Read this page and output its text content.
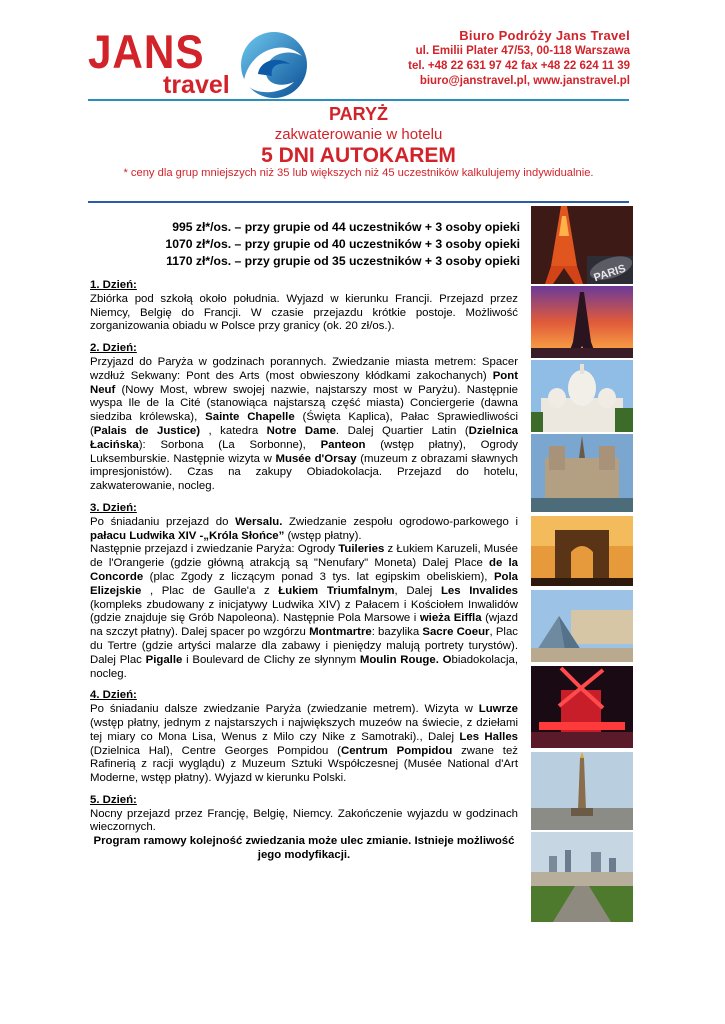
JANS
travel
Biuro Podróży Jans Travel
ul. Emilii Plater 47/53, 00-118 Warszawa
tel. +48 22 631 97 42 fax +48 22 624 11 39
biuro@janstravel.pl, www.janstravel.pl
PARYŻ
zakwaterowanie w hotelu
5 DNI AUTOKAREM
* ceny dla grup mniejszych niż 35 lub większych niż 45 uczestników kalkulujemy indywidualnie.
995 zł*/os. – przy grupie od 44 uczestników + 3 osoby opieki
1070 zł*/os. – przy grupie od 40 uczestników + 3 osoby opieki
1170 zł*/os. – przy grupie od 35 uczestników + 3 osoby opieki

1. Dzień:

Zbiórka pod szkołą około południa. Wyjazd w kierunku Francji. Przejazd przez Niemcy, Belgię do Francji. W czasie przejazdu krótkie postoje. Możliwość zorganizowania obiadu w Polsce przy granicy (ok. 20 zł/os.).

2. Dzień:

Przyjazd do Paryża w godzinach porannych. Zwiedzanie miasta metrem: Spacer wzdłuż Sekwany: Pont des Arts (most obwieszony kłódkami zakochanych) Pont Neuf (Nowy Most, wbrew swojej nazwie, najstarszy most w Paryżu). Następnie wyspa Ile de la Cité (stanowiąca najstarszą część miasta) Conciergerie (dawna siedziba królewska), Sainte Chapelle (Święta Kaplica), Pałac Sprawiedliwości (Palais de Justice) , katedra Notre Dame. Dalej Quartier Latin (Dzielnica Łacińska): Sorbona (La Sorbonne), Panteon (wstęp płatny), Ogrody Luksemburskie. Następnie wizyta w Musée d'Orsay (muzeum z obrazami sławnych impresjonistów). Czas na zakupy Obiadokolacja. Przejazd do hotelu, zakwaterowanie, nocleg.

3. Dzień:

Po śniadaniu przejazd do Wersalu. Zwiedzanie zespołu ogrodowo-parkowego i pałacu Ludwika XIV -„Króla Słońce” (wstęp płatny).
Następnie przejazd i zwiedzanie Paryża: Ogrody Tuileries z Łukiem Karuzeli, Musée de l'Orangerie (gdzie główną atrakcją są "Nenufary" Moneta) Dalej Place de la Concorde (plac Zgody z liczącym ponad 3 tys. lat egipskim obeliskiem), Pola Elizejskie , Plac de Gaulle'a z Łukiem Triumfalnym, Dalej Les Invalides (kompleks zbudowany z inicjatywy Ludwika XIV) z Pałacem i Kościołem Inwalidów (gdzie znajduje się Grób Napoleona). Następnie Pola Marsowe i wieża Eiffla (wjazd na szczyt płatny). Dalej spacer po wzgórzu Montmartre: bazylika Sacre Coeur, Plac du Tertre (gdzie artyści malarze dla zabawy i pieniędzy malują portrety turystów). Dalej Plac Pigalle i Boulevard de Clichy ze słynnym Moulin Rouge. Obiadokolacja, nocleg.

4. Dzień:

Po śniadaniu dalsze zwiedzanie Paryża (zwiedzanie metrem). Wizyta w Luwrze (wstęp płatny, jednym z najstarszych i największych muzeów na świecie, z dziełami tej miary co Mona Lisa, Wenus z Milo czy Nike z Samotraki)., Dalej Les Halles (Dzielnica Hal), Centre Georges Pompidou (Centrum Pompidou zwane też Rafinerią z racji wyglądu) z Muzeum Sztuki Współczesnej (Musée National d'Art Moderne, wstęp płatny). Wyjazd w kierunku Polski.

5. Dzień:

Nocny przejazd przez Francję, Belgię, Niemcy. Zakończenie wyjazdu w godzinach wieczornych.

Program ramowy kolejność zwiedzania może ulec zmianie. Istnieje możliwość jego modyfikacji.

PARIS
